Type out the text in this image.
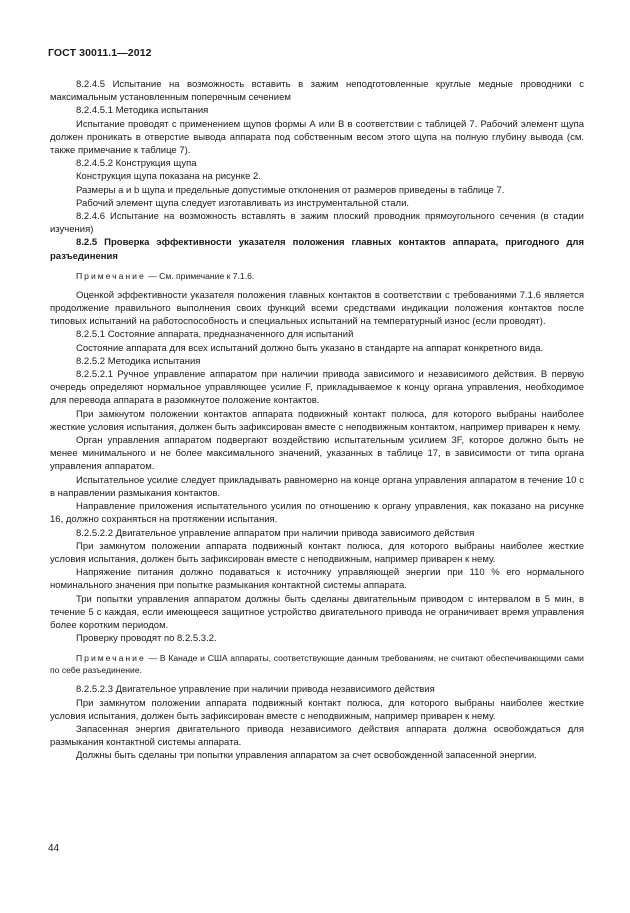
ГОСТ 30011.1—2012

8.2.4.5 Испытание на возможность вставить в зажим неподготовленные круглые медные проводники с максимальным установленным поперечным сечением

8.2.4.5.1 Методика испытания

Испытание проводят с применением щупов формы А или В в соответствии с таблицей 7. Рабочий элемент щупа должен проникать в отверстие вывода аппарата под собственным весом этого щупа на полную глубину вывода (см. также примечание к таблице 7).

8.2.4.5.2 Конструкция щупа

Конструкция щупа показана на рисунке 2.

Размеры a и b щупа и предельные допустимые отклонения от размеров приведены в таблице 7.

Рабочий элемент щупа следует изготавливать из инструментальной стали.

8.2.4.6 Испытание на возможность вставлять в зажим плоский проводник прямоугольного сечения (в стадии изучения)

8.2.5 Проверка эффективности указателя положения главных контактов аппарата, пригодного для разъединения

Примечание — См. примечание к 7.1.6.

Оценкой эффективности указателя положения главных контактов в соответствии с требованиями 7.1.6 является продолжение правильного выполнения своих функций всеми средствами индикации положения контактов после типовых испытаний на работоспособность и специальных испытаний на температурный износ (если проводят).

8.2.5.1 Состояние аппарата, предназначенного для испытаний

Состояние аппарата для всех испытаний должно быть указано в стандарте на аппарат конкретного вида.

8.2.5.2 Методика испытания

8.2.5.2.1 Ручное управление аппаратом при наличии привода зависимого и независимого действия. В первую очередь определяют нормальное управляющее усилие F, прикладываемое к концу органа управления, необходимое для перевода аппарата в разомкнутое положение контактов.

При замкнутом положении контактов аппарата подвижный контакт полюса, для которого выбраны наиболее жесткие условия испытания, должен быть зафиксирован вместе с неподвижным контактом, например приварен к нему.

Орган управления аппаратом подвергают воздействию испытательным усилием 3F, которое должно быть не менее минимального и не более максимального значений, указанных в таблице 17, в зависимости от типа органа управления аппаратом.

Испытательное усилие следует прикладывать равномерно на конце органа управления аппаратом в течение 10 с в направлении размыкания контактов.

Направление приложения испытательного усилия по отношению к органу управления, как показано на рисунке 16, должно сохраняться на протяжении испытания.

8.2.5.2.2 Двигательное управление аппаратом при наличии привода зависимого действия

При замкнутом положении аппарата подвижный контакт полюса, для которого выбраны наиболее жесткие условия испытания, должен быть зафиксирован вместе с неподвижным, например приварен к нему.

Напряжение питания должно подаваться к источнику управляющей энергии при 110 % его нормального номинального значения при попытке размыкания контактной системы аппарата.

Три попытки управления аппаратом должны быть сделаны двигательным приводом с интервалом в 5 мин, в течение 5 с каждая, если имеющееся защитное устройство двигательного привода не ограничивает время управления более коротким периодом.

Проверку проводят по 8.2.5.3.2.

Примечание — В Канаде и США аппараты, соответствующие данным требованиям, не считают обеспечивающими сами по себе разъединение.

8.2.5.2.3 Двигательное управление при наличии привода независимого действия

При замкнутом положении аппарата подвижный контакт полюса, для которого выбраны наиболее жесткие условия испытания, должен быть зафиксирован вместе с неподвижным, например приварен к нему.

Запасенная энергия двигательного привода независимого действия аппарата должна освобождаться для размыкания контактной системы аппарата.

Должны быть сделаны три попытки управления аппаратом за счет освобожденной запасенной энергии.

44
